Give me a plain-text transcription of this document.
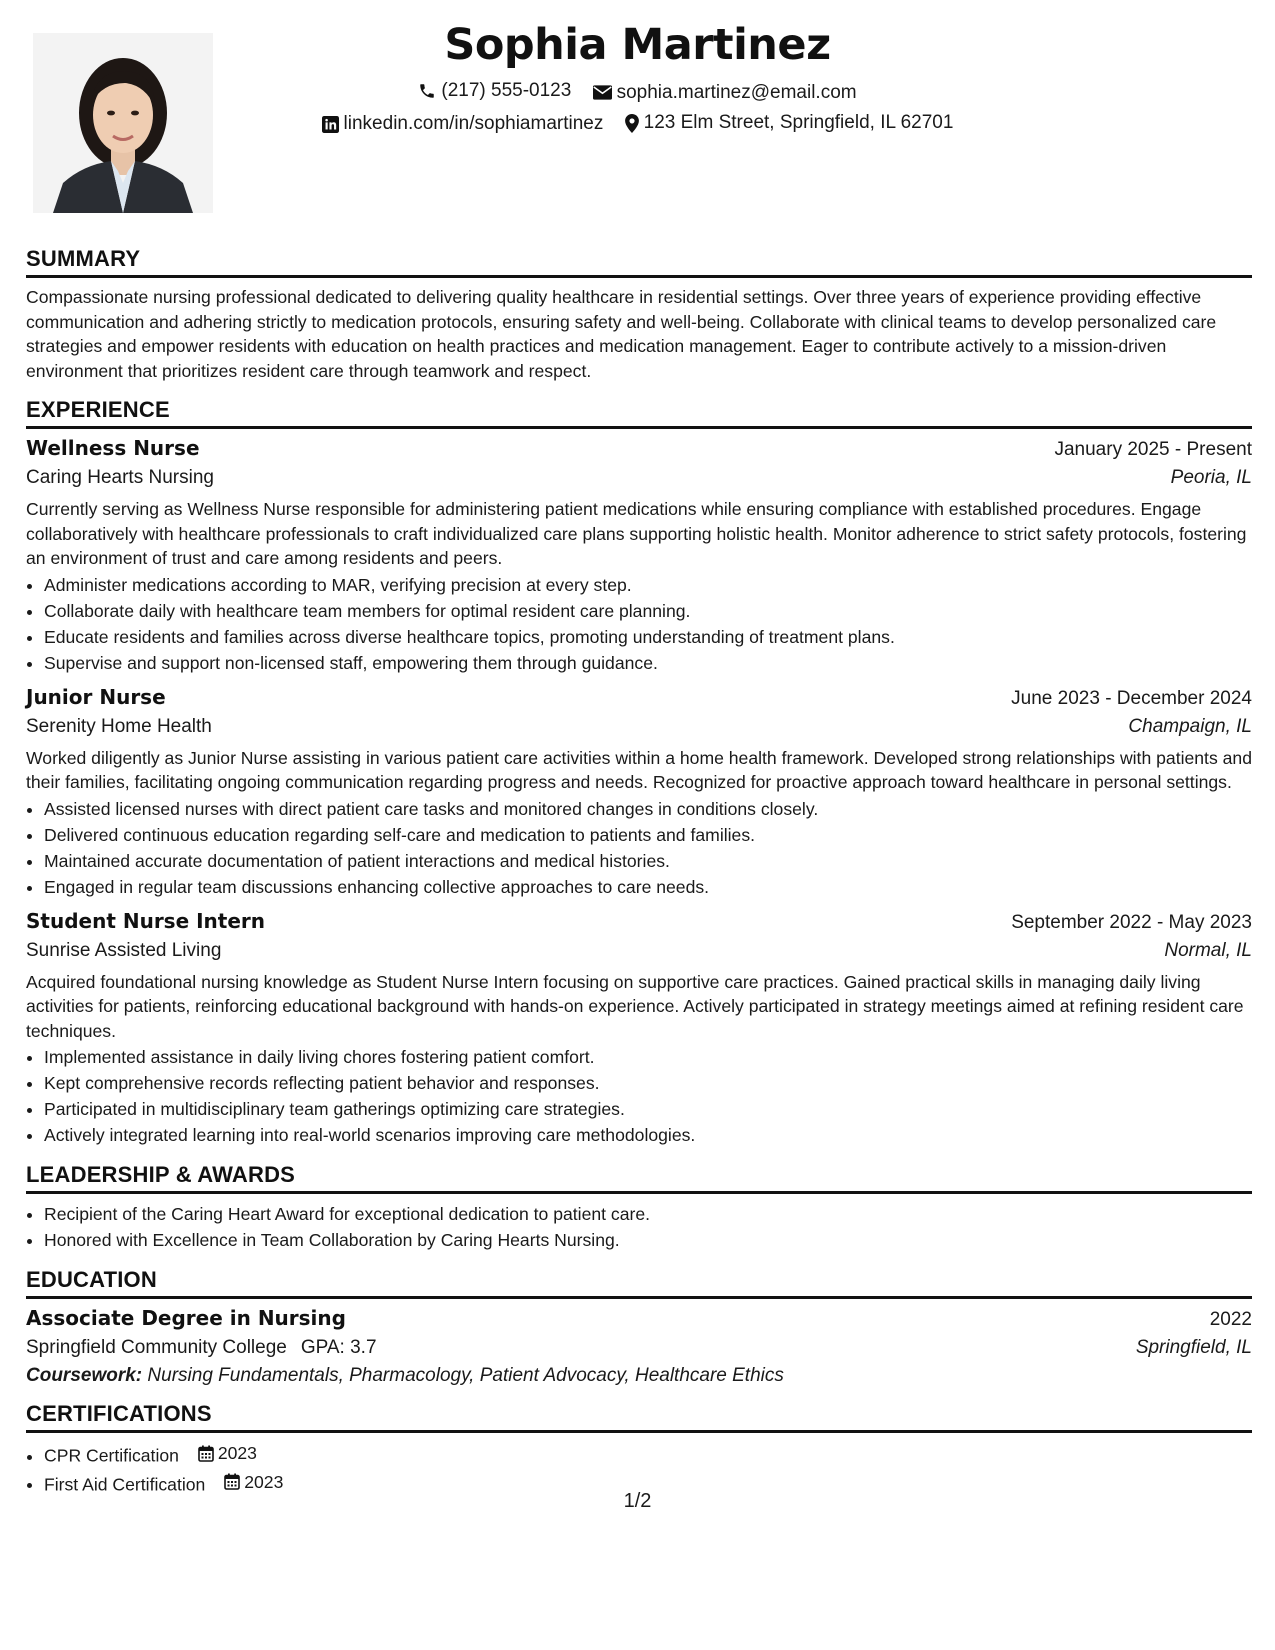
Sophia Martinez
(217) 555-0123
sophia.martinez@email.com
linkedin.com/in/sophiamartinez
123 Elm Street, Springfield, IL 62701
SUMMARY

Compassionate nursing professional dedicated to delivering quality healthcare in residential settings. Over three years of experience providing effective communication and adhering strictly to medication protocols, ensuring safety and well-being. Collaborate with clinical teams to develop personalized care strategies and empower residents with education on health practices and medication management. Eager to contribute actively to a mission-driven environment that prioritizes resident care through teamwork and respect.

EXPERIENCE
Wellness Nurse	January 2025 - Present
Caring Hearts Nursing	Peoria, IL

Currently serving as Wellness Nurse responsible for administering patient medications while ensuring compliance with established procedures. Engage collaboratively with healthcare professionals to craft individualized care plans supporting holistic health. Monitor adherence to strict safety protocols, fostering an environment of trust and care among residents and peers.

• Administer medications according to MAR, verifying precision at every step.
• Collaborate daily with healthcare team members for optimal resident care planning.
• Educate residents and families across diverse healthcare topics, promoting understanding of treatment plans.
• Supervise and support non-licensed staff, empowering them through guidance.
Junior Nurse	June 2023 - December 2024
Serenity Home Health	Champaign, IL

Worked diligently as Junior Nurse assisting in various patient care activities within a home health framework. Developed strong relationships with patients and their families, facilitating ongoing communication regarding progress and needs. Recognized for proactive approach toward healthcare in personal settings.

• Assisted licensed nurses with direct patient care tasks and monitored changes in conditions closely.
• Delivered continuous education regarding self-care and medication to patients and families.
• Maintained accurate documentation of patient interactions and medical histories.
• Engaged in regular team discussions enhancing collective approaches to care needs.
Student Nurse Intern	September 2022 - May 2023
Sunrise Assisted Living	Normal, IL

Acquired foundational nursing knowledge as Student Nurse Intern focusing on supportive care practices. Gained practical skills in managing daily living activities for patients, reinforcing educational background with hands-on experience. Actively participated in strategy meetings aimed at refining resident care techniques.

• Implemented assistance in daily living chores fostering patient comfort.
• Kept comprehensive records reflecting patient behavior and responses.
• Participated in multidisciplinary team gatherings optimizing care strategies.
• Actively integrated learning into real-world scenarios improving care methodologies.
LEADERSHIP & AWARDS
• Recipient of the Caring Heart Award for exceptional dedication to patient care.
• Honored with Excellence in Team Collaboration by Caring Hearts Nursing.
EDUCATION
Associate Degree in Nursing	2022
Springfield Community College GPA: 3.7	Springfield, IL
Coursework: Nursing Fundamentals, Pharmacology, Patient Advocacy, Healthcare Ethics
CERTIFICATIONS
• CPR Certification 2023
• First Aid Certification 2023
1/2
